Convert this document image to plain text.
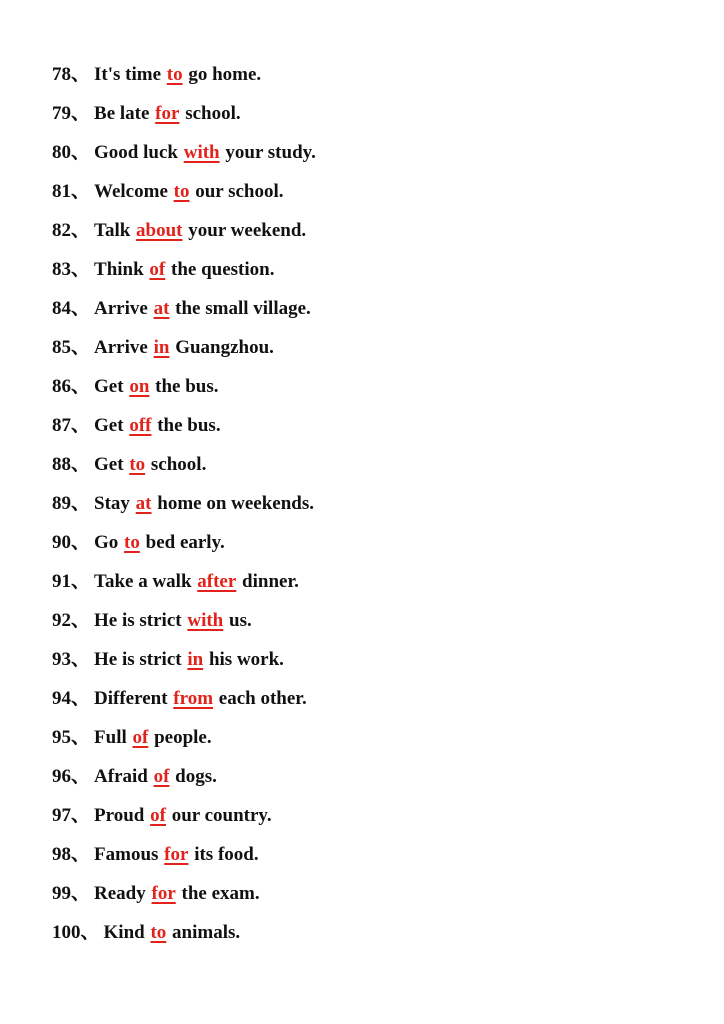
78、 It's time to go home.
79、 Be late for school.
80、 Good luck with your study.
81、 Welcome to our school.
82、 Talk about your weekend.
83、 Think of the question.
84、 Arrive at the small village.
85、 Arrive in Guangzhou.
86、 Get on the bus.
87、 Get off the bus.
88、 Get to school.
89、 Stay at home on weekends.
90、 Go to bed early.
91、 Take a walk after dinner.
92、 He is strict with us.
93、 He is strict in his work.
94、 Different from each other.
95、 Full of people.
96、 Afraid of dogs.
97、 Proud of our country.
98、 Famous for its food.
99、 Ready for the exam.
100、 Kind to animals.
